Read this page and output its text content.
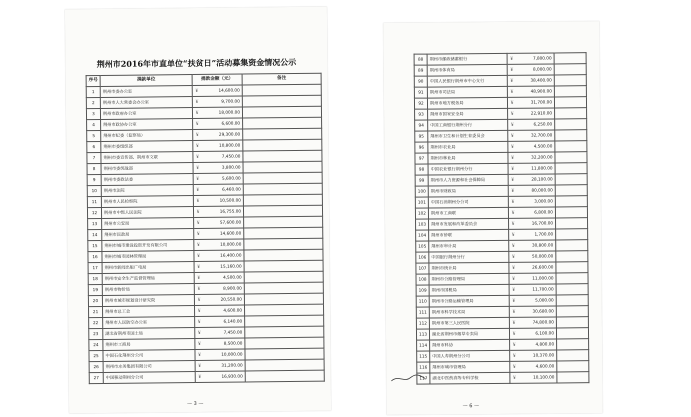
荆州市2016年市直单位“扶贫日”活动募集资金情况公示
序号	捐款单位	捐款金额（元）	备注
1	荆州市委办公室	￥ 14,600.00	
2	荆州市人大常委会办公室	￥ 9,700.00	
3	荆州市政府办公室	￥ 18,000.00	
4	荆州市政协办公室	￥ 6,600.00	
5	荆州市纪委（监察局）	￥ 29,300.00	
6	荆州市委组织部	￥ 10,800.00	
7	荆州市委宣传部、荆州市文联	￥ 7,450.00	
8	荆州市委统战部	￥ 3,800.00	
9	荆州市委政法委	￥ 5,600.00	
10	荆州市法院	￥ 6,460.00	
11	荆州市人民检察院	￥ 10,500.00	
12	荆州市中级人民法院	￥ 16,755.00	
13	荆州市公安局	￥ 57,600.00	
14	荆州市民政局	￥ 14,600.00	
15	荆州市城市建设投资开发有限公司	￥ 10,000.00	
16	荆州市城市园林管理局	￥ 16,400.00	
17	荆州市新闻出版广电局	￥ 15,160.00	
18	荆州市安全生产监督管理局	￥ 4,500.00	
19	荆州市物价局	￥ 8,900.00	
20	荆州市城市规划设计研究院	￥ 20,550.00	
21	荆州市总工会	￥ 4,600.00	
22	荆州市人民防空办公室	￥ 6,140.00	
23	湖北省荆州市国土局	￥ 7,450.00	
24	荆州市工商局	￥ 8,500.00	
25	中国石化荆州分公司	￥ 10,000.00	
26	荆州市水务集团有限公司	￥ 31,200.00	
27	中国移动荆州分公司	￥ 16,930.00	
— 3 —
88	荆州市邮政储蓄银行	￥ 7,800.00	
89	荆州市体育局	￥ 8,000.00	
90	中国人民银行荆州市中心支行	￥ 38,400.00	
91	荆州市司法局	￥ 48,900.00	
92	荆州市地方税务局	￥ 31,700.00	
93	荆州市国家安全局	￥ 22,910.00	
94	中国工商银行荆州分行	￥ 6,250.00	
95	荆州市卫生和计划生育委员会	￥ 32,700.00	
96	荆州市农业局	￥ 4,500.00	
97	荆州市林业局	￥ 32,200.00	
98	中国农业银行荆州分行	￥ 11,800.00	
99	荆州市人力资源和社会保障局	￥ 28,100.00	
100	荆州市财政局	￥ 80,000.00	
101	中国石油荆州分公司	￥ 3,000.00	
102	荆州市工商联	￥ 6,800.00	
103	荆州市发展和改革委员会	￥ 16,700.00	
104	荆州市侨联	￥ 1,700.00	
105	荆州市审计局	￥ 30,800.00	
106	中国银行荆州分行	￥ 50,000.00	
107	荆州市统计局	￥ 26,600.00	
108	荆州市公路管理局	￥ 11,000.00	
109	荆州市国税局	￥ 11,700.00	
110	荆州市公路运输管理局	￥ 5,000.00	
111	荆州市科学技术局	￥ 30,680.00	
112	荆州市第三人民医院	￥ 74,800.00	
113	湖北省荆州市烟草专卖局	￥ 6,100.00	
114	荆州市科协	￥ 4,800.00	
115	中国人寿荆州分公司	￥ 10,370.00	
116	荆州市城市管理局	￥ 4,600.00	
117	湖北中医药高等专科学校	￥ 10,100.00	
— 6 —
